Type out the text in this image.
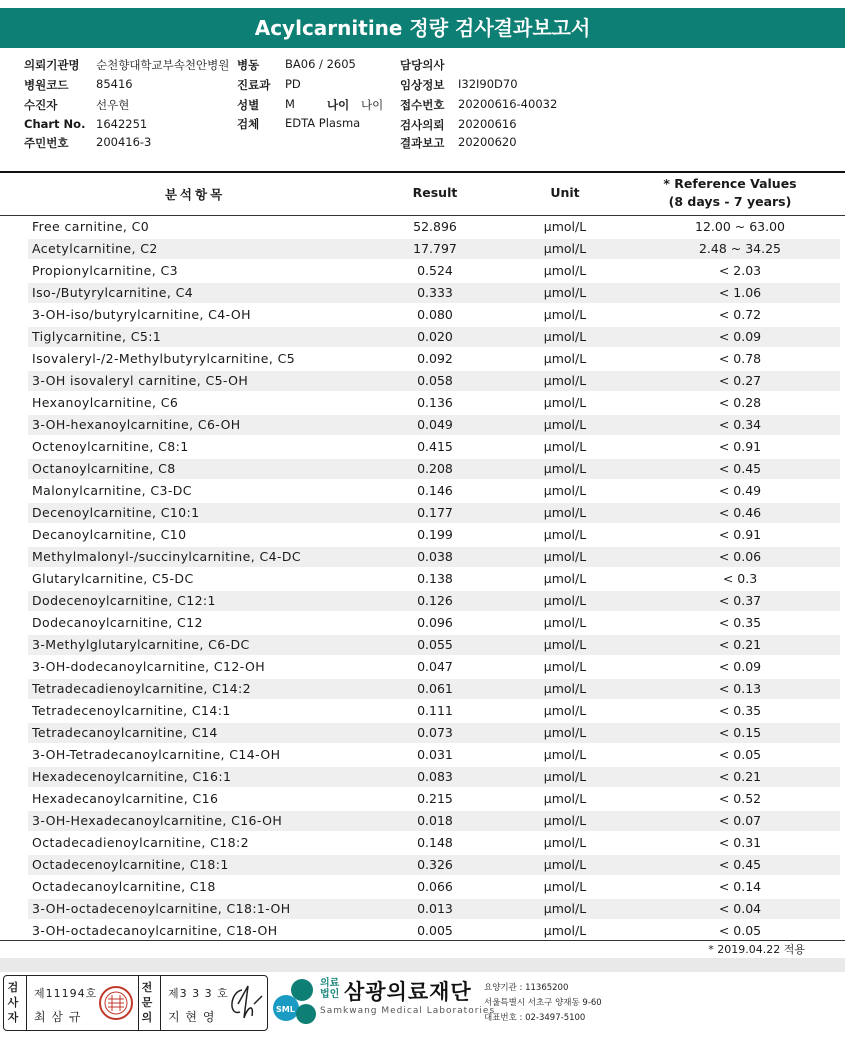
Acylcarnitine 정량 검사결과보고서
의뢰기관명 순천향대학교부속천안병원
병원코드 85416
수진자	선우현
Chart No. 1642251
주민번호 200416-3
병동 BA06 / 2605
진료과 PD
성별 M	나이 나이
검체 EDTA Plasma
담당의사
임상정보 I32I90D70
접수번호 20200616-40032
검사의뢰 20200616
결과보고 20200620
분석항목	Result	Unit
* Reference Values
(8 days - 7 years)
Free carnitine, C0	52.896	μmol/L	12.00 ~ 63.00
Acetylcarnitine, C2	17.797	μmol/L	2.48 ~ 34.25
Propionylcarnitine, C3	0.524	μmol/L	< 2.03
Iso-/Butyrylcarnitine, C4	0.333	μmol/L	< 1.06
3-OH-iso/butyrylcarnitine, C4-OH	0.080	μmol/L	< 0.72
Tiglycarnitine, C5:1	0.020	μmol/L	< 0.09
Isovaleryl-/2-Methylbutyrylcarnitine, C5	0.092	μmol/L	< 0.78
3-OH isovaleryl carnitine, C5-OH	0.058	μmol/L	< 0.27
Hexanoylcarnitine, C6	0.136	μmol/L	< 0.28
3-OH-hexanoylcarnitine, C6-OH	0.049	μmol/L	< 0.34
Octenoylcarnitine, C8:1	0.415	μmol/L	< 0.91
Octanoylcarnitine, C8	0.208	μmol/L	< 0.45
Malonylcarnitine, C3-DC	0.146	μmol/L	< 0.49
Decenoylcarnitine, C10:1	0.177	μmol/L	< 0.46
Decanoylcarnitine, C10	0.199	μmol/L	< 0.91
Methylmalonyl-/succinylcarnitine, C4-DC	0.038	μmol/L	< 0.06
Glutarylcarnitine, C5-DC	0.138	μmol/L	< 0.3
Dodecenoylcarnitine, C12:1	0.126	μmol/L	< 0.37
Dodecanoylcarnitine, C12	0.096	μmol/L	< 0.35
3-Methylglutarylcarnitine, C6-DC	0.055	μmol/L	< 0.21
3-OH-dodecanoylcarnitine, C12-OH	0.047	μmol/L	< 0.09
Tetradecadienoylcarnitine, C14:2	0.061	μmol/L	< 0.13
Tetradecenoylcarnitine, C14:1	0.111	μmol/L	< 0.35
Tetradecanoylcarnitine, C14	0.073	μmol/L	< 0.15
3-OH-Tetradecanoylcarnitine, C14-OH	0.031	μmol/L	< 0.05
Hexadecenoylcarnitine, C16:1	0.083	μmol/L	< 0.21
Hexadecanoylcarnitine, C16	0.215	μmol/L	< 0.52
3-OH-Hexadecanoylcarnitine, C16-OH	0.018	μmol/L	< 0.07
Octadecadienoylcarnitine, C18:2	0.148	μmol/L	< 0.31
Octadecenoylcarnitine, C18:1	0.326	μmol/L	< 0.45
Octadecanoylcarnitine, C18	0.066	μmol/L	< 0.14
3-OH-octadecenoylcarnitine, C18:1-OH	0.013	μmol/L	< 0.04
3-OH-octadecanoylcarnitine, C18-OH	0.005	μmol/L	< 0.05
* 2019.04.22 적용
검사자
제11194호
최 삼 규
전문의
제3 3 3 호
지 현 영
SML
의료법인 삼광의료재단
Samkwang Medical Laboratories
요양기관 : 11365200
서울특별시 서초구 양재동 9-60
대표번호 : 02-3497-5100
